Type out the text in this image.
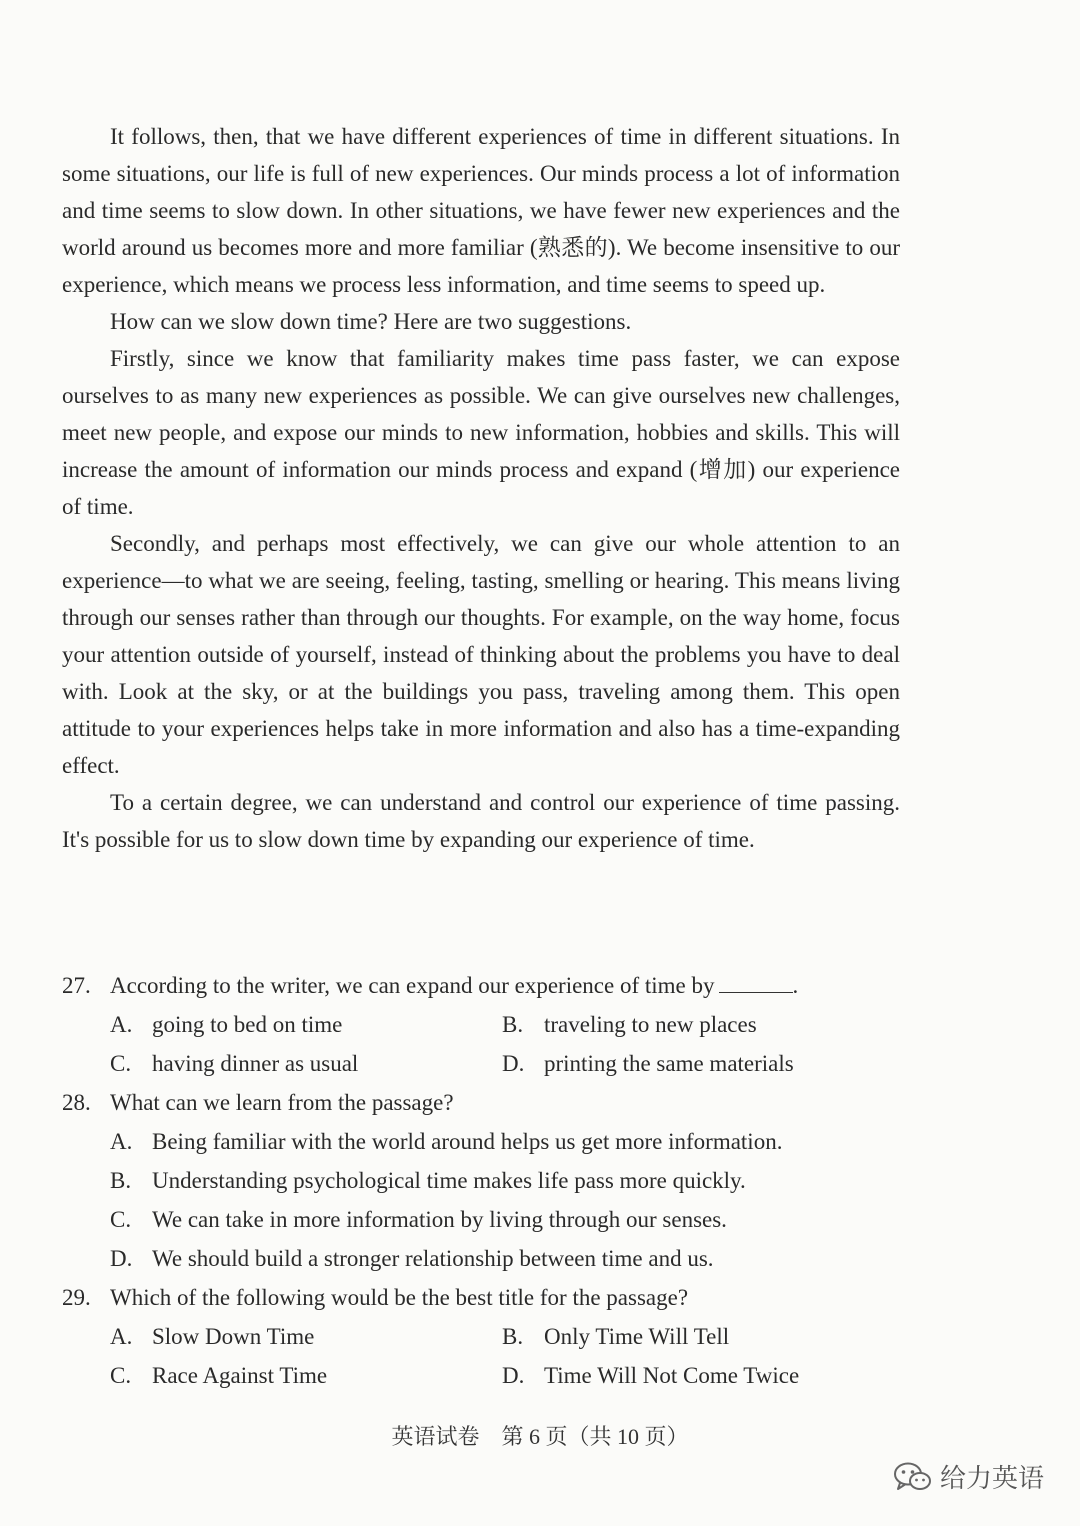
It follows, then, that we have different experiences of time in different situations. In some situations, our life is full of new experiences. Our minds process a lot of information and time seems to slow down. In other situations, we have fewer new experiences and the world around us becomes more and more familiar (熟悉的). We become insensitive to our experience, which means we process less information, and time seems to speed up.

How can we slow down time? Here are two suggestions.

Firstly, since we know that familiarity makes time pass faster, we can expose ourselves to as many new experiences as possible. We can give ourselves new challenges, meet new people, and expose our minds to new information, hobbies and skills. This will increase the amount of information our minds process and expand (增加) our experience of time.

Secondly, and perhaps most effectively, we can give our whole attention to an experience—to what we are seeing, feeling, tasting, smelling or hearing. This means living through our senses rather than through our thoughts. For example, on the way home, focus your attention outside of yourself, instead of thinking about the problems you have to deal with. Look at the sky, or at the buildings you pass, traveling among them. This open attitude to your experiences helps take in more information and also has a time-expanding effect.

To a certain degree, we can understand and control our experience of time passing. It's possible for us to slow down time by expanding our experience of time.

27. According to the writer, we can expand our experience of time by	.
A. going to bed on time	B. traveling to new places
C. having dinner as usual	D. printing the same materials
28. What can we learn from the passage?
A. Being familiar with the world around helps us get more information.
B. Understanding psychological time makes life pass more quickly.
C. We can take in more information by living through our senses.
D. We should build a stronger relationship between time and us.
29. Which of the following would be the best title for the passage?
A. Slow Down Time	B. Only Time Will Tell
C. Race Against Time	D. Time Will Not Come Twice
英语试卷　第 6 页（共 10 页）
给力英语
